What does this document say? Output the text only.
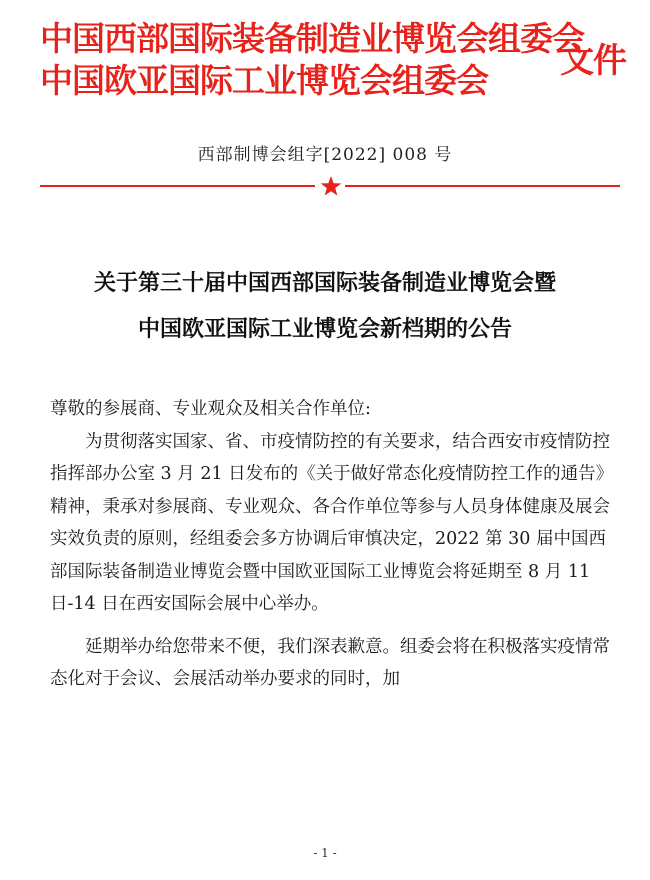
中国西部国际装备制造业博览会组委会
中国欧亚国际工业博览会组委会	文件
西部制博会组字[2022] 008 号
关于第三十届中国西部国际装备制造业博览会暨
中国欧亚国际工业博览会新档期的公告

尊敬的参展商、专业观众及相关合作单位:

为贯彻落实国家、省、市疫情防控的有关要求，结合西安市疫情防控指挥部办公室 3 月 21 日发布的《关于做好常态化疫情防控工作的通告》精神，秉承对参展商、专业观众、各合作单位等参与人员身体健康及展会实效负责的原则，经组委会多方协调后审慎决定，2022 第 30 届中国西部国际装备制造业博览会暨中国欧亚国际工业博览会将延期至 8 月 11 日-14 日在西安国际会展中心举办。

延期举办给您带来不便，我们深表歉意。组委会将在积极落实疫情常态化对于会议、会展活动举办要求的同时，加

- 1 -
